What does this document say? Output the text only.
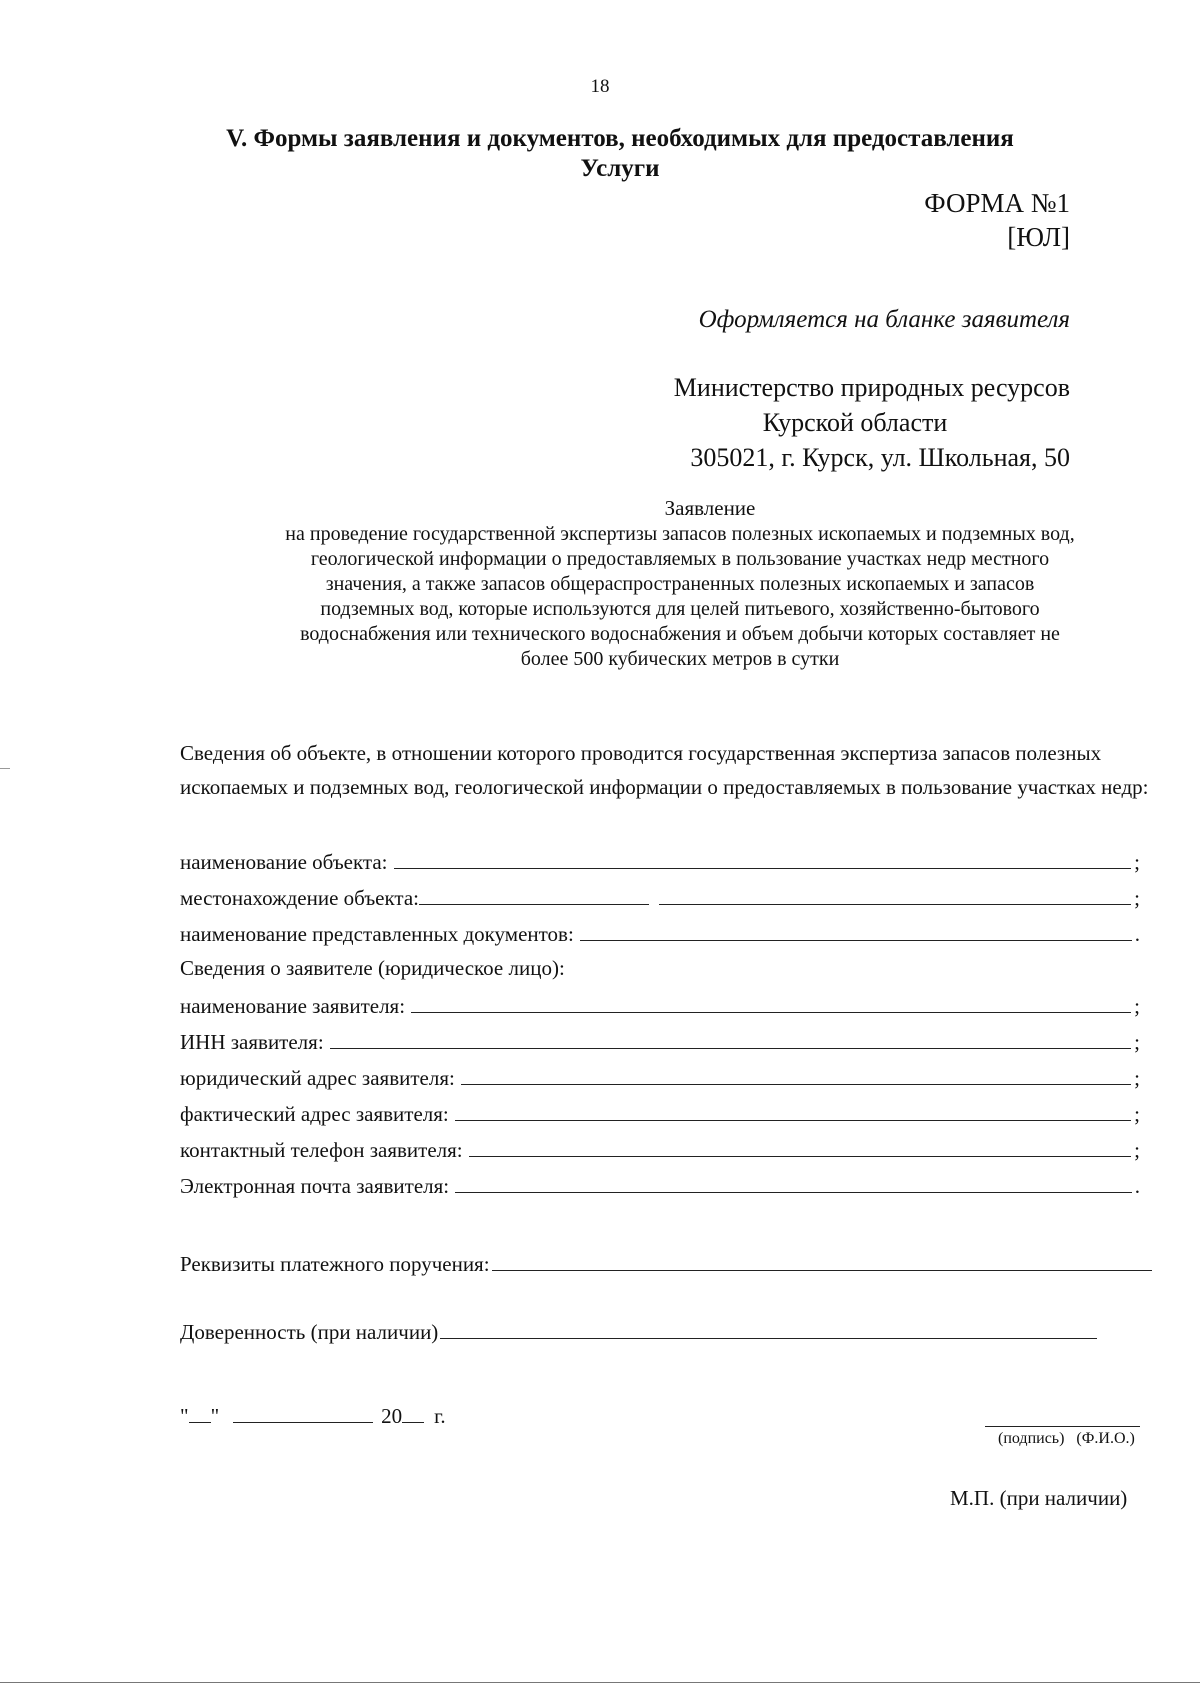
18
V. Формы заявления и документов, необходимых для предоставления
Услуги
ФОРМА №1
[ЮЛ]
Оформляется на бланке заявителя
Министерство природных ресурсов
Курской области
305021, г. Курск, ул. Школьная, 50
Заявление
на проведение государственной экспертизы запасов полезных ископаемых и подземных вод,
геологической информации о предоставляемых в пользование участках недр местного
значения, а также запасов общераспространенных полезных ископаемых и запасов
подземных вод, которые используются для целей питьевого, хозяйственно-бытового
водоснабжения или технического водоснабжения и объем добычи которых составляет не
более 500 кубических метров в сутки
Сведения об объекте, в отношении которого проводится государственная экспертиза запасов полезных ископаемых и подземных вод, геологической информации о предоставляемых в пользование участках недр:
наименование объекта:	;
местонахождение объекта:	;
наименование представленных документов:	.
Сведения о заявителе (юридическое лицо):
наименование заявителя:	;
ИНН заявителя:	;
юридический адрес заявителя:	;
фактический адрес заявителя:	;
контактный телефон заявителя:	;
Электронная почта заявителя:	.
Реквизиты платежного поручения:
Доверенность (при наличии)
" "	20 г.
(подпись) (Ф.И.О.)
М.П. (при наличии)
